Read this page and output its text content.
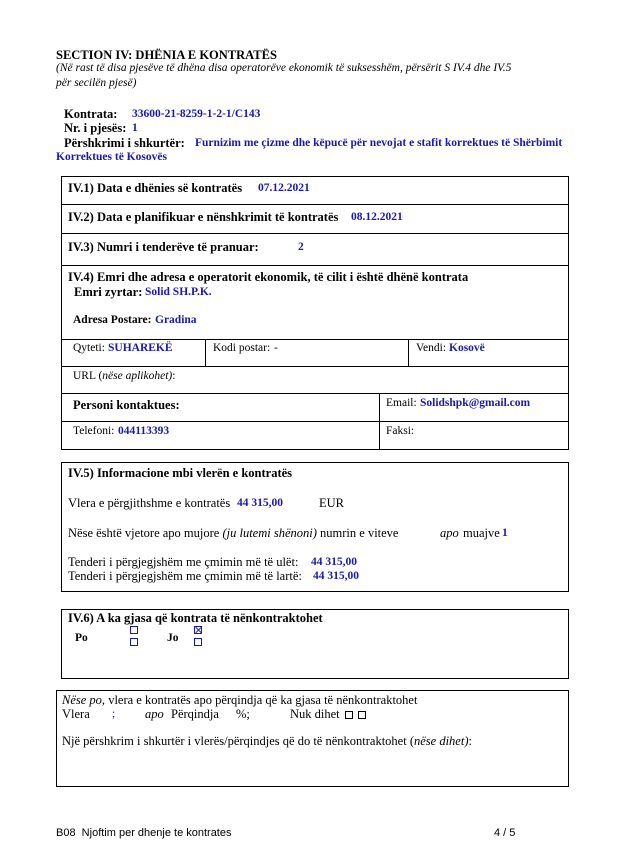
SECTION IV: DHËNIA E KONTRATËS
(Në rast të disa pjesëve të dhëna disa operatorëve ekonomik të suksesshëm, përsërit S IV.4 dhe IV.5
për secilën pjesë)
Kontrata: 33600-21-8259-1-2-1/C143
Nr. i pjesës: 1
Përshkrimi i shkurtër: Furnizim me çizme dhe këpucë për nevojat e stafit korrektues të Shërbimit
Korrektues të Kosovës
IV.1) Data e dhënies së kontratës 07.12.2021
IV.2) Data e planifikuar e nënshkrimit të kontratës 08.12.2021
IV.3) Numri i tenderëve të pranuar:	2
IV.4) Emri dhe adresa e operatorit ekonomik, të cilit i është dhënë kontrata
Emri zyrtar: Solid SH.P.K.
Adresa Postare: Gradina
Qyteti: SUHAREKË	Kodi postar: -	Vendi: Kosovë
URL (nëse aplikohet):
Personi kontaktues:	Email: Solidshpk@gmail.com
Telefoni: 044113393	Faksi:
IV.5) Informacione mbi vlerën e kontratës
Vlera e përgjithshme e kontratës 44 315,00	EUR
Nëse është vjetore apo mujore (ju lutemi shënoni) numrin e viteve	apo muajve 1
Tenderi i përgjegjshëm me çmimin më të ulët: 44 315,00
Tenderi i përgjegjshëm me çmimin më të lartë: 44 315,00
IV.6) A ka gjasa që kontrata të nënkontraktohet
Po	Jo
Nëse po, vlera e kontratës apo përqindja që ka gjasa të nënkontraktohet
Vlera ; apo Përqindja %;	Nuk dihet
Një përshkrim i shkurtër i vlerës/përqindjes që do të nënkontraktohet (nëse dihet):
B08  Njoftim per dhenje te kontrates	4 / 5
